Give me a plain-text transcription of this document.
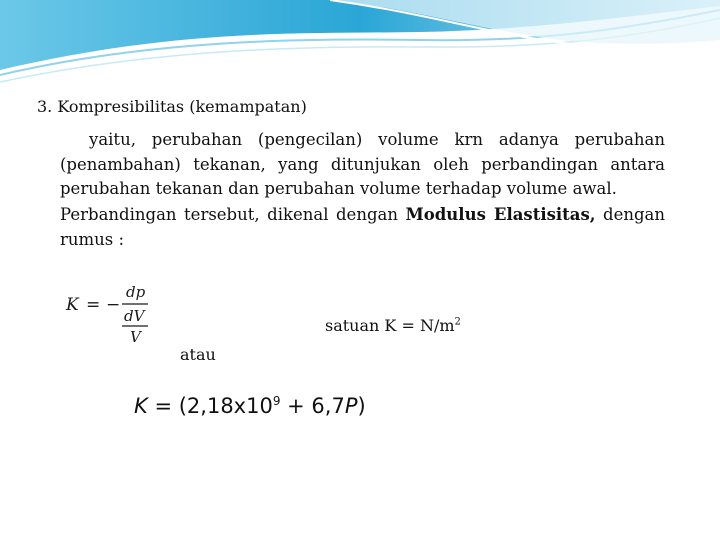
3. Kompresibilitas (kemampatan)
yaitu, perubahan (pengecilan) volume krn adanya perubahan (penambahan) tekanan, yang ditunjukan oleh perbandingan antara perubahan tekanan dan perubahan volume terhadap volume awal.
Perbandingan tersebut, dikenal dengan Modulus Elastisitas, dengan rumus :
K = −
dp
dV
V
satuan $K = N/m^2$
atau
$K = (2,18x10^9 + 6,7P)$
